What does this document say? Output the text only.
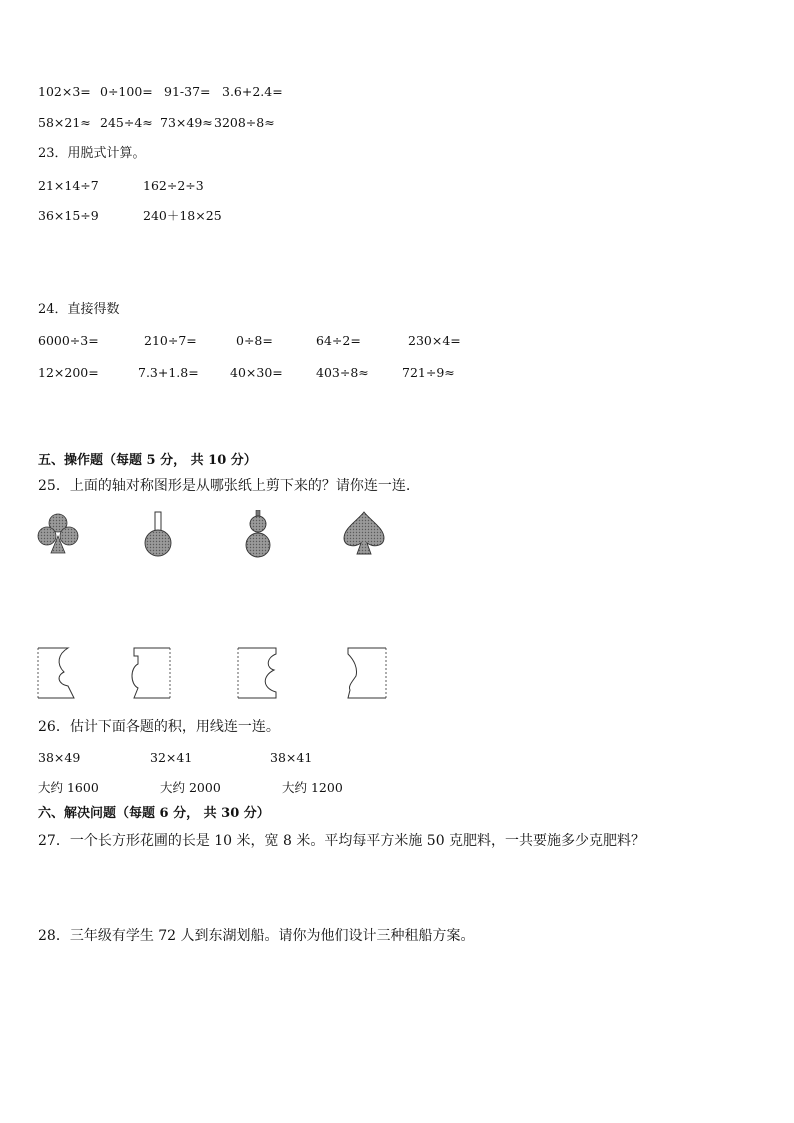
102×3= 0÷100= 91-37= 3.6+2.4=
58×21≈ 245÷4≈ 73×49≈ 3208÷8≈
23．用脱式计算。
21×14÷7	162÷2÷3
36×15÷9	240＋18×25
24．直接得数
6000÷3=	210÷7=	0÷8=	64÷2=	230×4=
12×200=	7.3+1.8=	40×30=	403÷8≈	721÷9≈
五、操作题（每题 5 分， 共 10 分）
25．上面的轴对称图形是从哪张纸上剪下来的？请你连一连.
26．估计下面各题的积，用线连一连。
38×49	32×41	38×41
大约 1600	大约 2000	大约 1200
六、解决问题（每题 6 分， 共 30 分）
27．一个长方形花圃的长是 10 米，宽 8 米。平均每平方米施 50 克肥料，一共要施多少克肥料？
28．三年级有学生 72 人到东湖划船。请你为他们设计三种租船方案。
